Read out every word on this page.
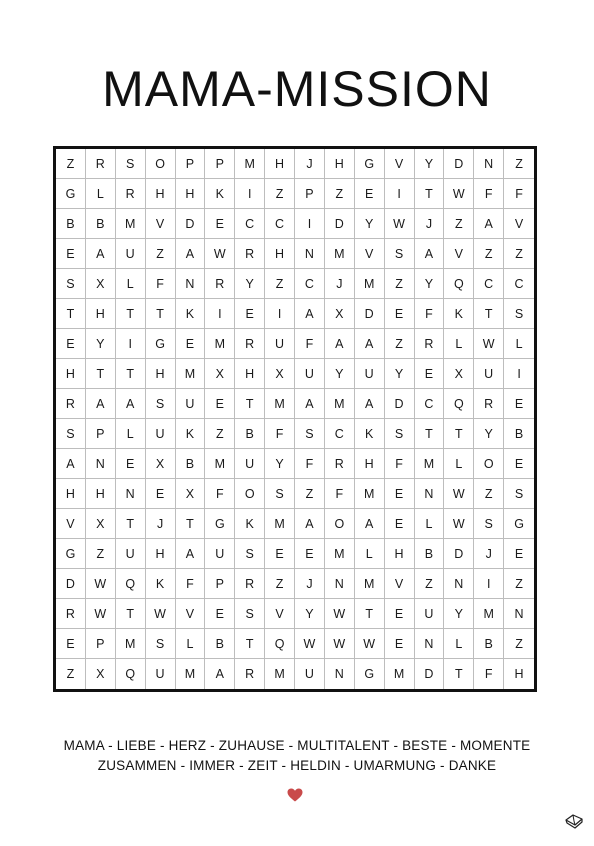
MAMA-MISSION
Z	R	S	O	P	P	M	H	J	H	G	V	Y	D	N	Z
G	L	R	H	H	K	I	Z	P	Z	E	I	T	W	F	F
B	B	M	V	D	E	C	C	I	D	Y	W	J	Z	A	V
E	A	U	Z	A	W	R	H	N	M	V	S	A	V	Z	Z
S	X	L	F	N	R	Y	Z	C	J	M	Z	Y	Q	C	C
T	H	T	T	K	I	E	I	A	X	D	E	F	K	T	S
E	Y	I	G	E	M	R	U	F	A	A	Z	R	L	W	L
H	T	T	H	M	X	H	X	U	Y	U	Y	E	X	U	I
R	A	A	S	U	E	T	M	A	M	A	D	C	Q	R	E
S	P	L	U	K	Z	B	F	S	C	K	S	T	T	Y	B
A	N	E	X	B	M	U	Y	F	R	H	F	M	L	O	E
H	H	N	E	X	F	O	S	Z	F	M	E	N	W	Z	S
V	X	T	J	T	G	K	M	A	O	A	E	L	W	S	G
G	Z	U	H	A	U	S	E	E	M	L	H	B	D	J	E
D	W	Q	K	F	P	R	Z	J	N	M	V	Z	N	I	Z
R	W	T	W	V	E	S	V	Y	W	T	E	U	Y	M	N
E	P	M	S	L	B	T	Q	W	W	W	E	N	L	B	Z
Z	X	Q	U	M	A	R	M	U	N	G	M	D	T	F	H
MAMA - LIEBE - HERZ - ZUHAUSE - MULTITALENT - BESTE - MOMENTE
ZUSAMMEN - IMMER - ZEIT - HELDIN - UMARMUNG - DANKE
